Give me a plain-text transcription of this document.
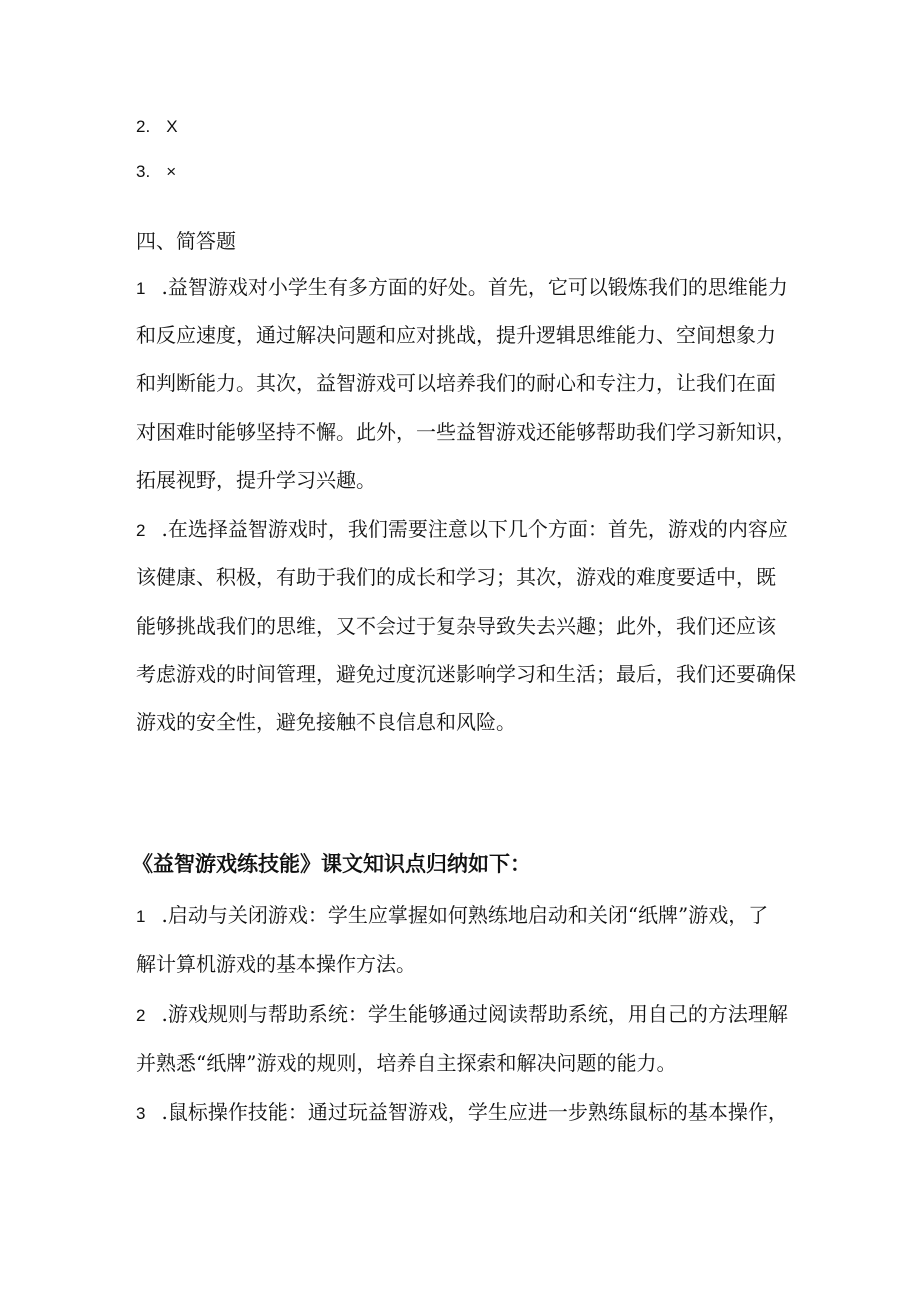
2. X
3. ×
四、简答题
1 .益智游戏对小学生有多方面的好处。首先，它可以锻炼我们的思维能力
和反应速度，通过解决问题和应对挑战，提升逻辑思维能力、空间想象力
和判断能力。其次，益智游戏可以培养我们的耐心和专注力，让我们在面
对困难时能够坚持不懈。此外，一些益智游戏还能够帮助我们学习新知识，
拓展视野，提升学习兴趣。
2 .在选择益智游戏时，我们需要注意以下几个方面：首先，游戏的内容应
该健康、积极，有助于我们的成长和学习；其次，游戏的难度要适中，既
能够挑战我们的思维，又不会过于复杂导致失去兴趣；此外，我们还应该
考虑游戏的时间管理，避免过度沉迷影响学习和生活；最后，我们还要确保
游戏的安全性，避免接触不良信息和风险。
《益智游戏练技能》课文知识点归纳如下：
1 .启动与关闭游戏：学生应掌握如何熟练地启动和关闭“纸牌”游戏，了
解计算机游戏的基本操作方法。
2 .游戏规则与帮助系统：学生能够通过阅读帮助系统，用自己的方法理解
并熟悉“纸牌”游戏的规则，培养自主探索和解决问题的能力。
3 .鼠标操作技能：通过玩益智游戏，学生应进一步熟练鼠标的基本操作，
